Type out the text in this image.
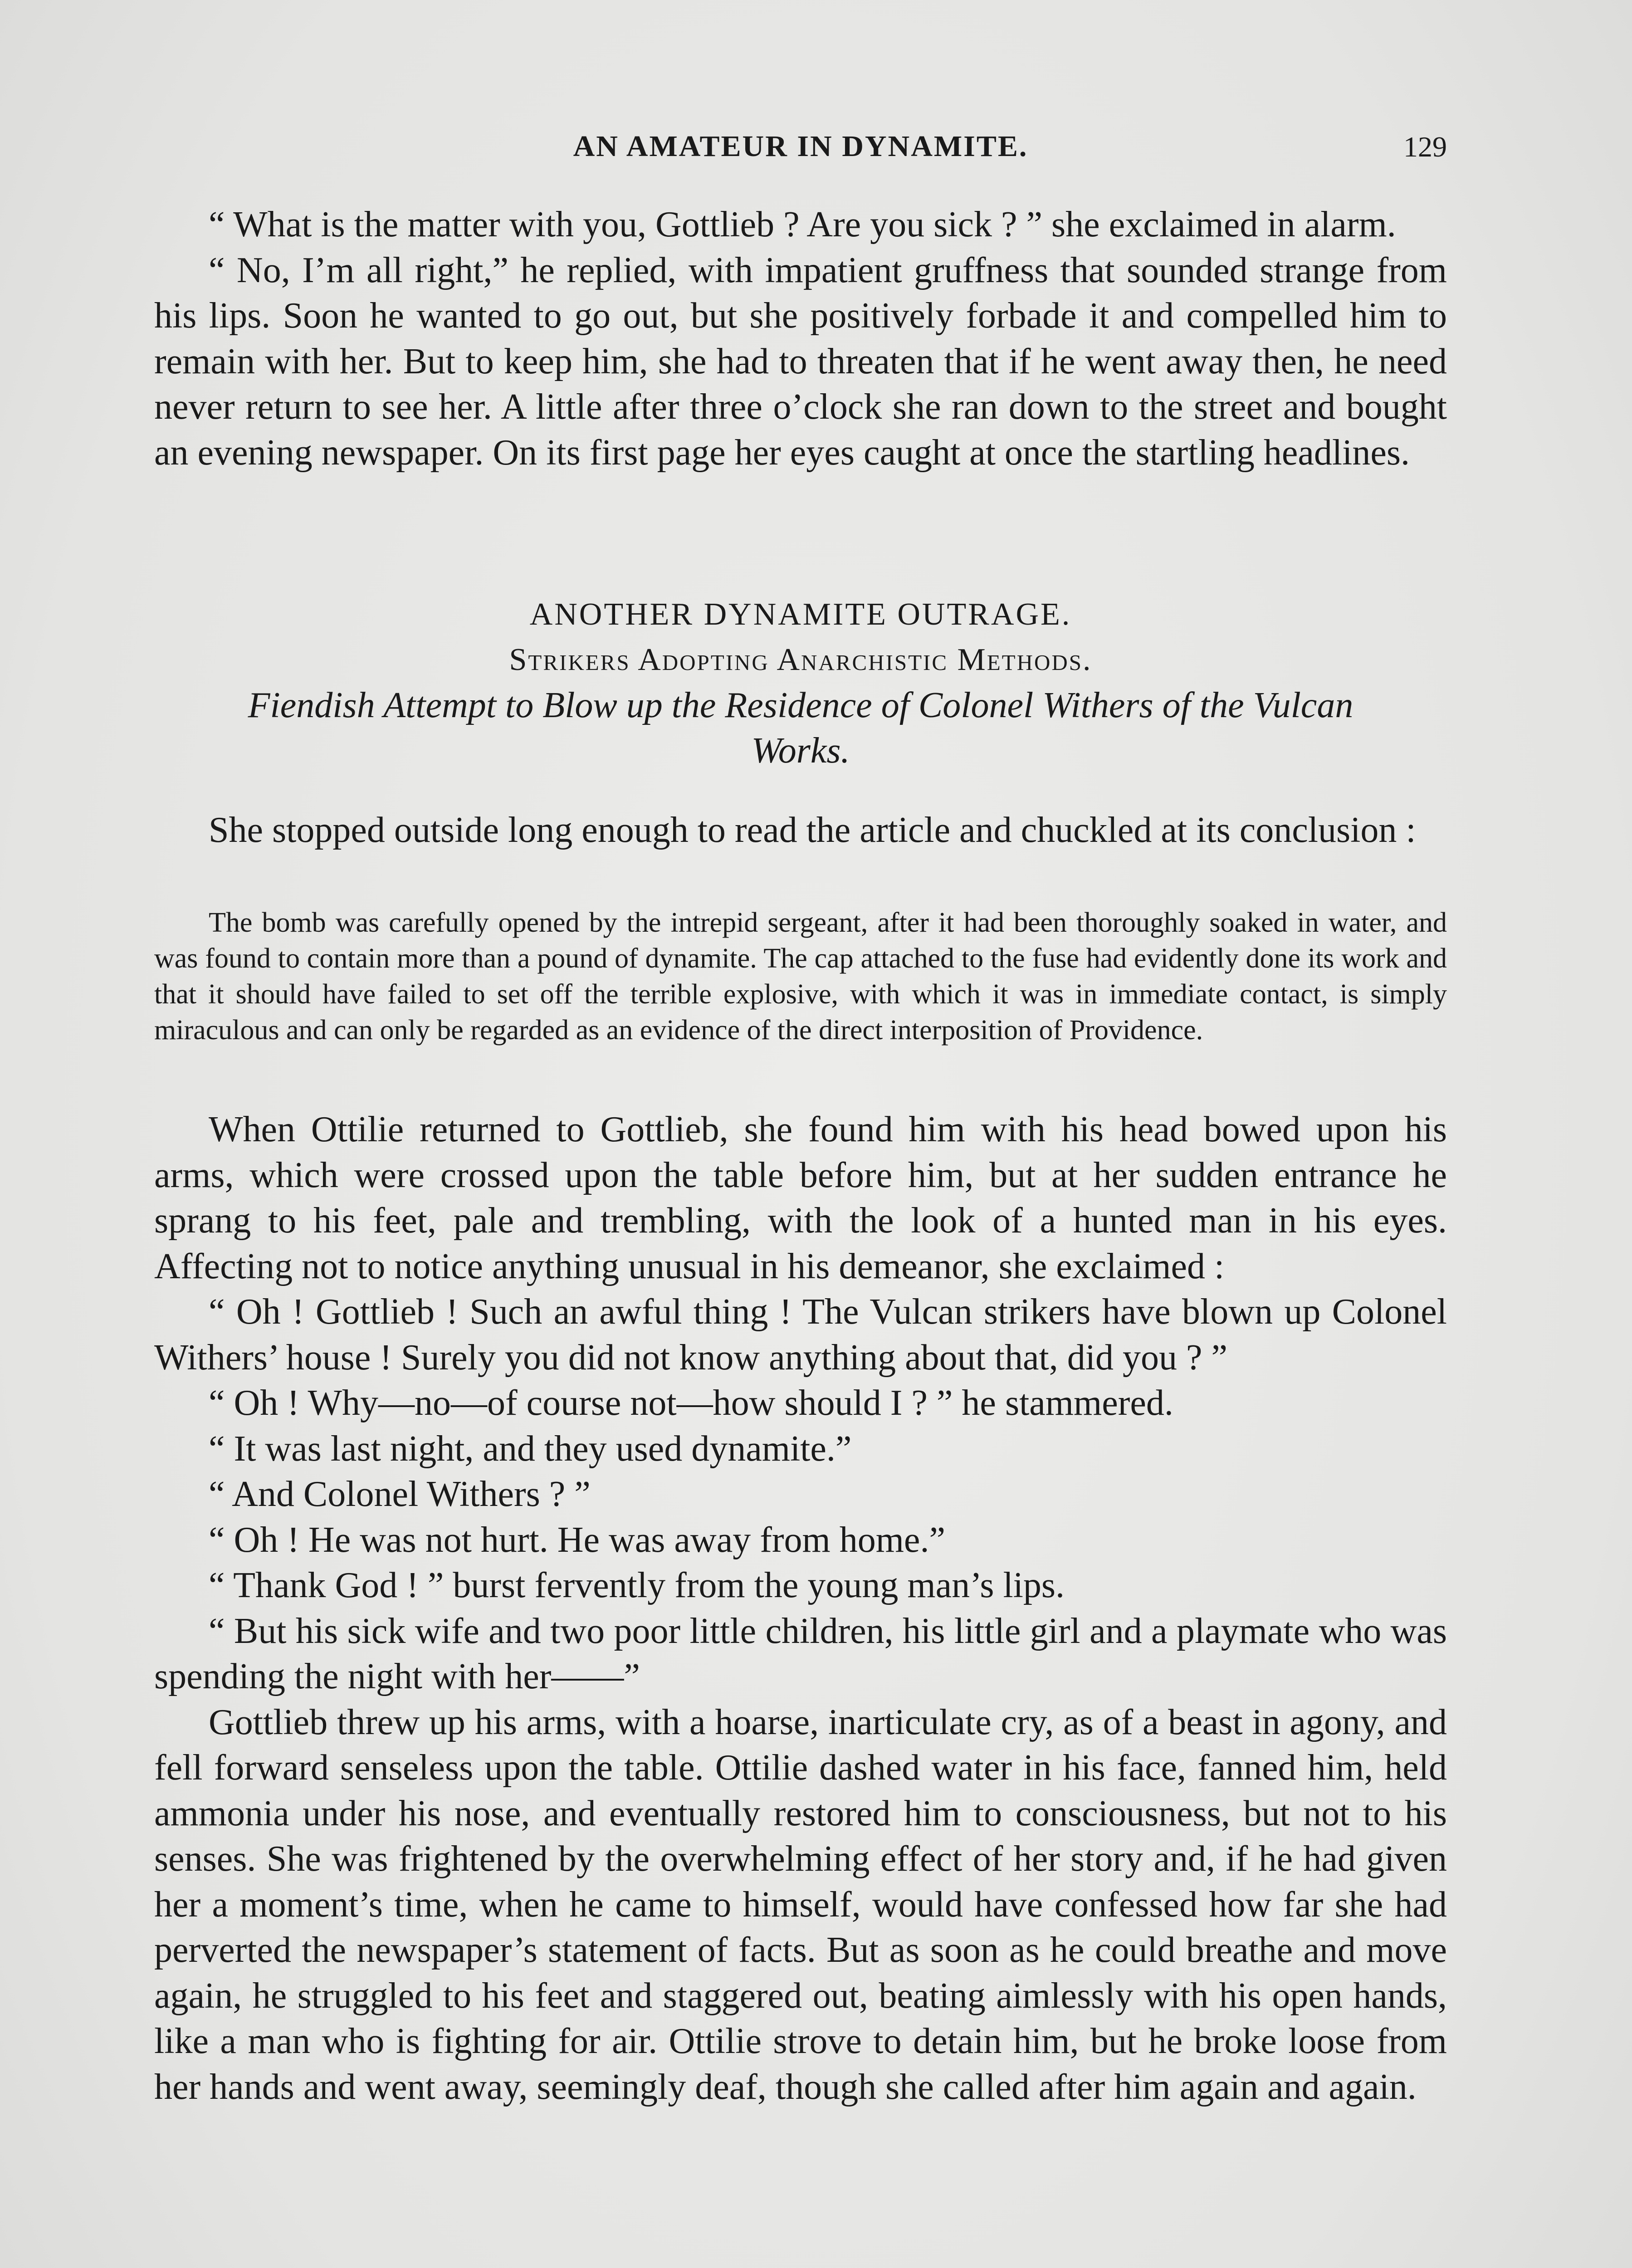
AN AMATEUR IN DYNAMITE.	129

“ What is the matter with you, Gottlieb ? Are you sick ? ” she exclaimed in alarm.

“ No, I’m all right,” he replied, with impatient gruffness that sounded strange from his lips. Soon he wanted to go out, but she positively forbade it and compelled him to remain with her. But to keep him, she had to threaten that if he went away then, he need never return to see her. A little after three o’clock she ran down to the street and bought an evening newspaper. On its first page her eyes caught at once the startling headlines.

ANOTHER DYNAMITE OUTRAGE.

Strikers Adopting Anarchistic Methods.

Fiendish Attempt to Blow up the Residence of Colonel Withers of the Vulcan Works.

She stopped outside long enough to read the article and chuckled at its conclusion :

The bomb was carefully opened by the intrepid sergeant, after it had been thoroughly soaked in water, and was found to contain more than a pound of dynamite. The cap attached to the fuse had evidently done its work and that it should have failed to set off the terrible explosive, with which it was in immediate contact, is simply miraculous and can only be regarded as an evidence of the direct interposition of Providence.

When Ottilie returned to Gottlieb, she found him with his head bowed upon his arms, which were crossed upon the table before him, but at her sudden entrance he sprang to his feet, pale and trembling, with the look of a hunted man in his eyes. Affecting not to notice anything unusual in his demeanor, she exclaimed :

“ Oh ! Gottlieb ! Such an awful thing ! The Vulcan strikers have blown up Colonel Withers’ house ! Surely you did not know anything about that, did you ? ”

“ Oh ! Why—no—of course not—how should I ? ” he stammered.

“ It was last night, and they used dynamite.”

“ And Colonel Withers ? ”

“ Oh ! He was not hurt. He was away from home.”

“ Thank God ! ” burst fervently from the young man’s lips.

“ But his sick wife and two poor little children, his little girl and a playmate who was spending the night with her——”

Gottlieb threw up his arms, with a hoarse, inarticulate cry, as of a beast in agony, and fell forward senseless upon the table. Ottilie dashed water in his face, fanned him, held ammonia under his nose, and eventually restored him to consciousness, but not to his senses. She was frightened by the overwhelming effect of her story and, if he had given her a moment’s time, when he came to himself, would have confessed how far she had perverted the newspaper’s statement of facts. But as soon as he could breathe and move again, he struggled to his feet and staggered out, beating aimlessly with his open hands, like a man who is fighting for air. Ottilie strove to detain him, but he broke loose from her hands and went away, seemingly deaf, though she called after him again and again.
